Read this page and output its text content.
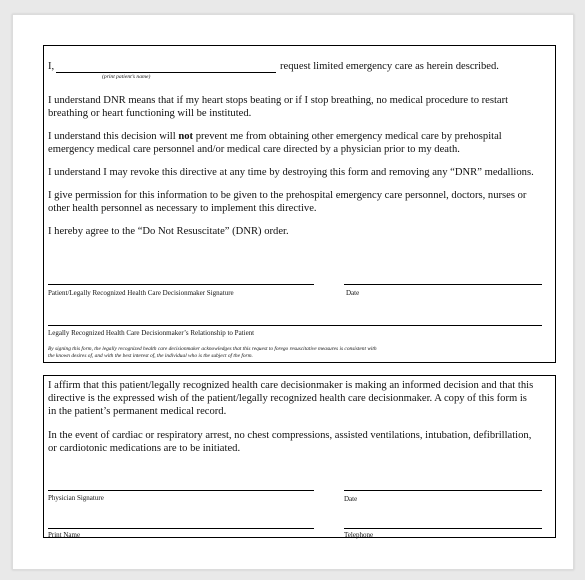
I,
(print patient’s name)
request limited emergency care as herein described.
I understand DNR means that if my heart stops beating or if I stop breathing, no medical procedure to restart
breathing or heart functioning will be instituted.
I understand this decision will not prevent me from obtaining other emergency medical care by prehospital
emergency medical care personnel and/or medical care directed by a physician prior to my death.
I understand I may revoke this directive at any time by destroying this form and removing any “DNR” medallions.
I give permission for this information to be given to the prehospital emergency care personnel, doctors, nurses or
other health personnel as necessary to implement this directive.
I hereby agree to the “Do Not Resuscitate” (DNR) order.
Patient/Legally Recognized Health Care Decisionmaker Signature	Date
Legally Recognized Health Care Decisionmaker’s Relationship to Patient
By signing this form, the legally recognized health care decisionmaker acknowledges that this request to forego resuscitative measures is consistent with
the known desires of, and with the best interest of, the individual who is the subject of the form.
I affirm that this patient/legally recognized health care decisionmaker is making an informed decision and that this
directive is the expressed wish of the patient/legally recognized health care decisionmaker. A copy of this form is
in the patient’s permanent medical record.
In the event of cardiac or respiratory arrest, no chest compressions, assisted ventilations, intubation, defibrillation,
or cardiotonic medications are to be initiated.
Physician Signature	Date
Print Name	Telephone
